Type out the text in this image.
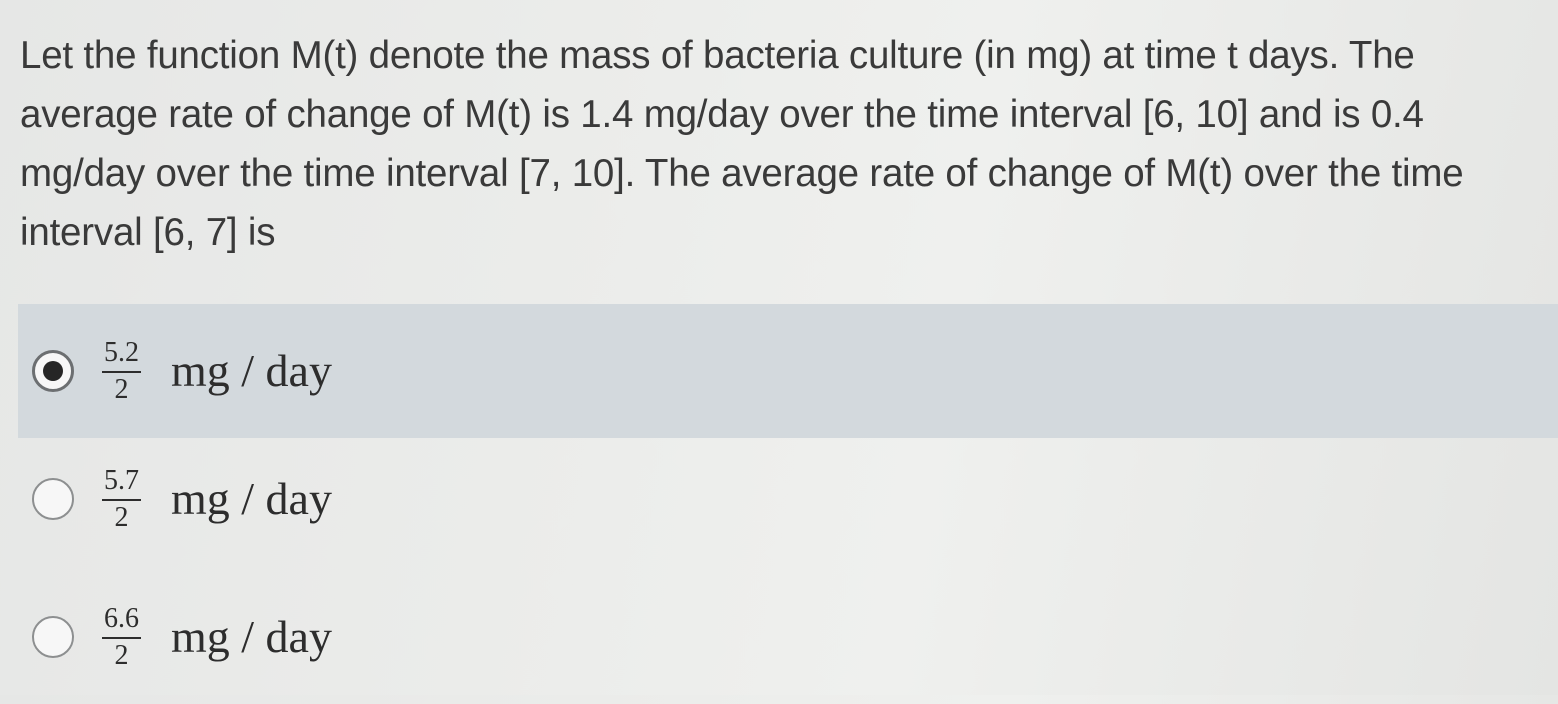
Let the function M(t) denote the mass of bacteria culture (in mg) at time t days. The average rate of change of M(t) is 1.4 mg/day over the time interval [6, 10] and is 0.4 mg/day over the time interval [7, 10]. The average rate of change of M(t) over the time interval [6, 7] is

$\frac{5.2}{2}$ mg / day
$\frac{5.7}{2}$ mg / day
$\frac{6.6}{2}$ mg / day
